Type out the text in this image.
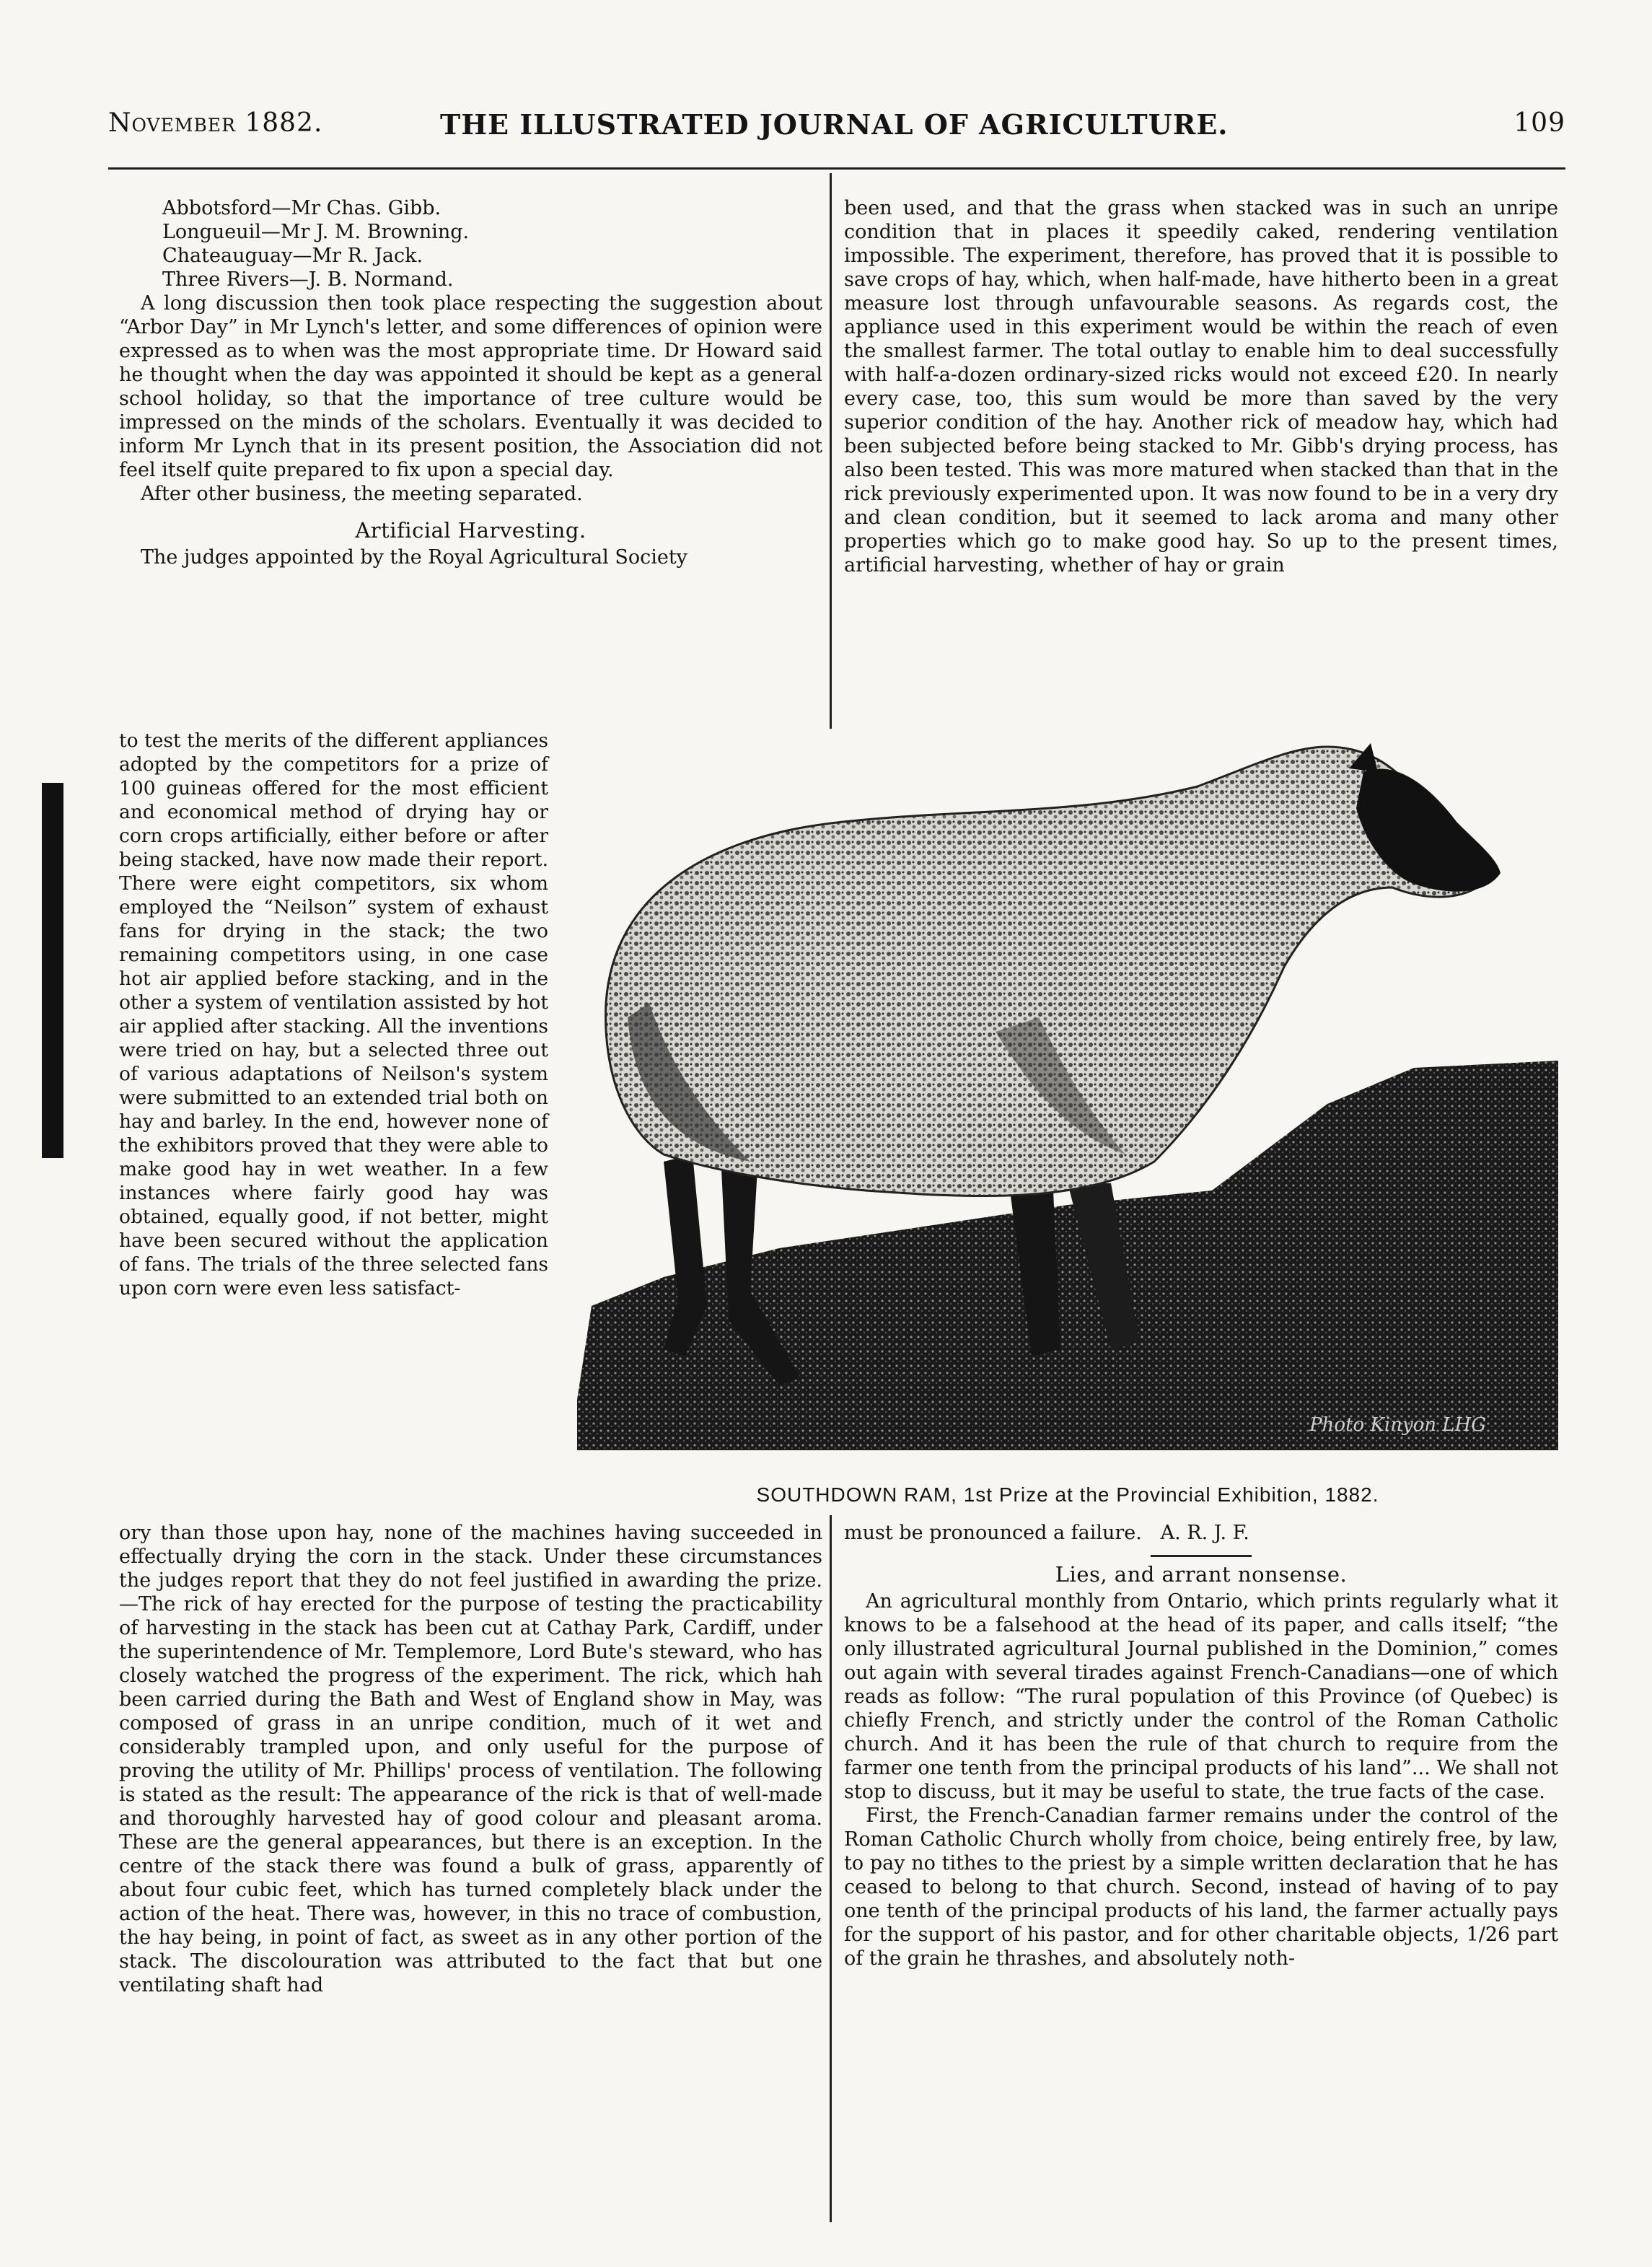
November 1882.	THE ILLUSTRATED JOURNAL OF AGRICULTURE.	109

Abbotsford—Mr Chas. Gibb.

Longueuil—Mr J. M. Browning.

Chateauguay—Mr R. Jack.

Three Rivers—J. B. Normand.

A long discussion then took place respecting the suggestion about “Arbor Day” in Mr Lynch's letter, and some differences of opinion were expressed as to when was the most appropriate time. Dr Howard said he thought when the day was appointed it should be kept as a general school holiday, so that the importance of tree culture would be impressed on the minds of the scholars. Eventually it was decided to inform Mr Lynch that in its present position, the Association did not feel itself quite prepared to fix upon a special day.

After other business, the meeting separated.

Artificial Harvesting.

The judges appointed by the Royal Agricultural Society

to test the merits of the different appliances adopted by the competitors for a prize of 100 guineas offered for the most efficient and economical method of drying hay or corn crops artificially, either before or after being stacked, have now made their report. There were eight competitors, six whom employed the “Neilson” system of exhaust fans for drying in the stack; the two remaining competitors using, in one case hot air applied before stacking, and in the other a system of ventilation assisted by hot air applied after stacking. All the inventions were tried on hay, but a selected three out of various adaptations of Neilson's system were submitted to an extended trial both on hay and barley. In the end, however none of the exhibitors proved that they were able to make good hay in wet weather. In a few instances where fairly good hay was obtained, equally good, if not better, might have been secured without the application of fans. The trials of the three selected fans upon corn were even less satisfact-

been used, and that the grass when stacked was in such an unripe condition that in places it speedily caked, rendering ventilation impossible. The experiment, therefore, has proved that it is possible to save crops of hay, which, when half-made, have hitherto been in a great measure lost through unfavourable seasons. As regards cost, the appliance used in this experiment would be within the reach of even the smallest farmer. The total outlay to enable him to deal successfully with half-a-dozen ordinary-sized ricks would not exceed £20. In nearly every case, too, this sum would be more than saved by the very superior condition of the hay. Another rick of meadow hay, which had been subjected before being stacked to Mr. Gibb's drying process, has also been tested. This was more matured when stacked than that in the rick previously experimented upon. It was now found to be in a very dry and clean condition, but it seemed to lack aroma and many other properties which go to make good hay. So up to the present times, artificial harvesting, whether of hay or grain

Photo Kinyon LHG
SOUTHDOWN RAM, 1st Prize at the Provincial Exhibition, 1882.

ory than those upon hay, none of the machines having succeeded in effectually drying the corn in the stack. Under these circumstances the judges report that they do not feel justified in awarding the prize.—The rick of hay erected for the purpose of testing the practicability of harvesting in the stack has been cut at Cathay Park, Cardiff, under the superintendence of Mr. Templemore, Lord Bute's steward, who has closely watched the progress of the experiment. The rick, which hah been carried during the Bath and West of England show in May, was composed of grass in an unripe condition, much of it wet and considerably trampled upon, and only useful for the purpose of proving the utility of Mr. Phillips' process of ventilation. The following is stated as the result: The appearance of the rick is that of well-made and thoroughly harvested hay of good colour and pleasant aroma. These are the general appearances, but there is an exception. In the centre of the stack there was found a bulk of grass, apparently of about four cubic feet, which has turned completely black under the action of the heat. There was, however, in this no trace of combustion, the hay being, in point of fact, as sweet as in any other portion of the stack. The discolouration was attributed to the fact that but one ventilating shaft had

must be pronounced a failure. A. R. J. F.

Lies, and arrant nonsense.

An agricultural monthly from Ontario, which prints regularly what it knows to be a falsehood at the head of its paper, and calls itself; “the only illustrated agricultural Journal published in the Dominion,” comes out again with several tirades against French-Canadians—one of which reads as follow: “The rural population of this Province (of Quebec) is chiefly French, and strictly under the control of the Roman Catholic church. And it has been the rule of that church to require from the farmer one tenth from the principal products of his land”... We shall not stop to discuss, but it may be useful to state, the true facts of the case.

First, the French-Canadian farmer remains under the control of the Roman Catholic Church wholly from choice, being entirely free, by law, to pay no tithes to the priest by a simple written declaration that he has ceased to belong to that church. Second, instead of having of to pay one tenth of the principal products of his land, the farmer actually pays for the support of his pastor, and for other charitable objects, 1/26 part of the grain he thrashes, and absolutely noth-
